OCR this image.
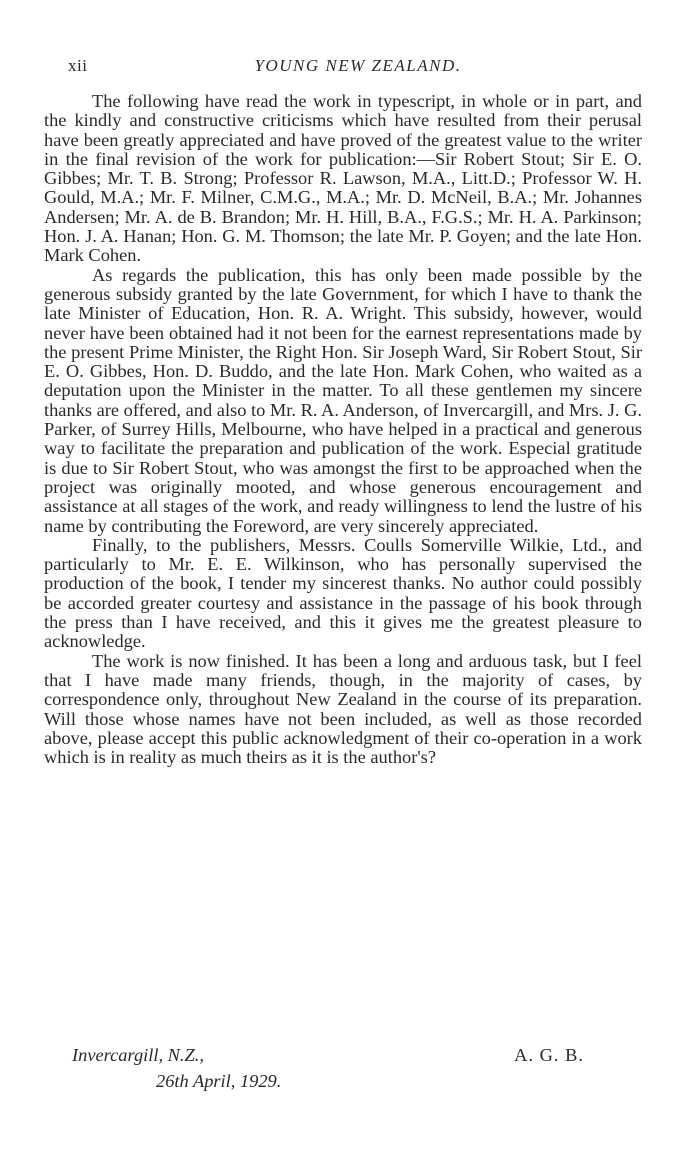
xii	YOUNG NEW ZEALAND.

The following have read the work in typescript, in whole or in part, and the kindly and constructive criticisms which have resulted from their perusal have been greatly appreciated and have proved of the greatest value to the writer in the final revision of the work for publication:—Sir Robert Stout; Sir E. O. Gibbes; Mr. T. B. Strong; Professor R. Lawson, M.A., Litt.D.; Professor W. H. Gould, M.A.; Mr. F. Milner, C.M.G., M.A.; Mr. D. McNeil, B.A.; Mr. Johannes Andersen; Mr. A. de B. Brandon; Mr. H. Hill, B.A., F.G.S.; Mr. H. A. Parkinson; Hon. J. A. Hanan; Hon. G. M. Thomson; the late Mr. P. Goyen; and the late Hon. Mark Cohen.

As regards the publication, this has only been made possible by the generous subsidy granted by the late Government, for which I have to thank the late Minister of Education, Hon. R. A. Wright. This subsidy, however, would never have been obtained had it not been for the earnest representations made by the present Prime Minister, the Right Hon. Sir Joseph Ward, Sir Robert Stout, Sir E. O. Gibbes, Hon. D. Buddo, and the late Hon. Mark Cohen, who waited as a deputation upon the Minister in the matter. To all these gentlemen my sincere thanks are offered, and also to Mr. R. A. Anderson, of Invercargill, and Mrs. J. G. Parker, of Surrey Hills, Melbourne, who have helped in a practical and generous way to facilitate the preparation and publication of the work. Especial gratitude is due to Sir Robert Stout, who was amongst the first to be approached when the project was originally mooted, and whose generous encouragement and assistance at all stages of the work, and ready willingness to lend the lustre of his name by contributing the Foreword, are very sincerely appreciated.

Finally, to the publishers, Messrs. Coulls Somerville Wilkie, Ltd., and particularly to Mr. E. E. Wilkinson, who has personally supervised the production of the book, I tender my sincerest thanks. No author could possibly be accorded greater courtesy and assistance in the passage of his book through the press than I have received, and this it gives me the greatest pleasure to acknowledge.

The work is now finished. It has been a long and arduous task, but I feel that I have made many friends, though, in the majority of cases, by correspondence only, throughout New Zealand in the course of its preparation. Will those whose names have not been included, as well as those recorded above, please accept this public acknowledgment of their co-operation in a work which is in reality as much theirs as it is the author's?

Invercargill, N.Z.,	A. G. B.
26th April, 1929.
